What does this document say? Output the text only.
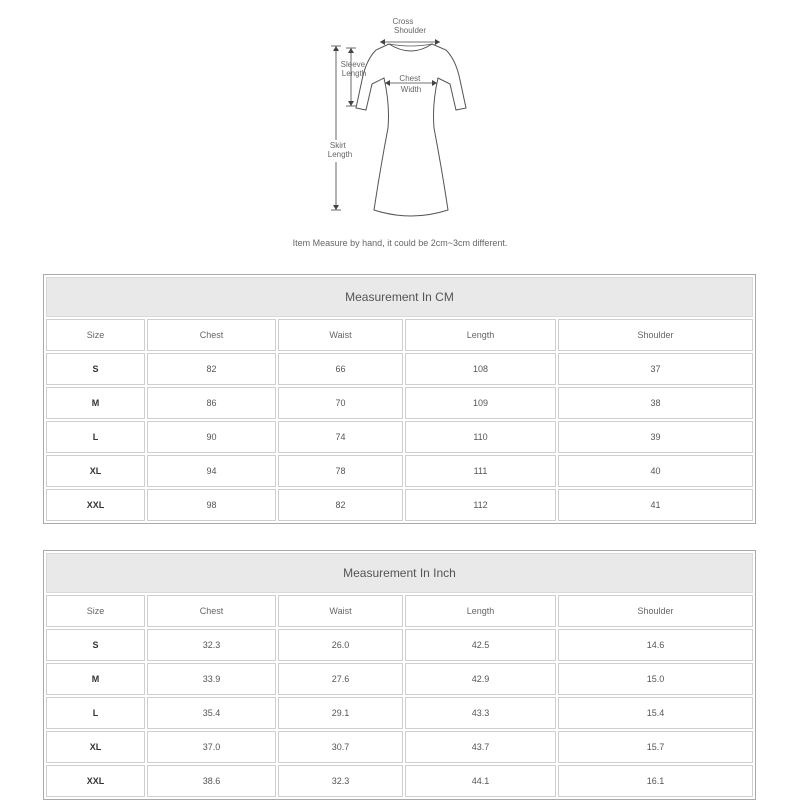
Cross Shoulder
Sleeve Length
Chest Width
Skirt Length
Item Measure by hand, it could be 2cm~3cm different.
Measurement In CM				
Size	Chest	Waist	Length	Shoulder
S	82	66	108	37
M	86	70	109	38
L	90	74	110	39
XL	94	78	111	40
XXL	98	82	112	41
Measurement In Inch				
Size	Chest	Waist	Length	Shoulder
S	32.3	26.0	42.5	14.6
M	33.9	27.6	42.9	15.0
L	35.4	29.1	43.3	15.4
XL	37.0	30.7	43.7	15.7
XXL	38.6	32.3	44.1	16.1
